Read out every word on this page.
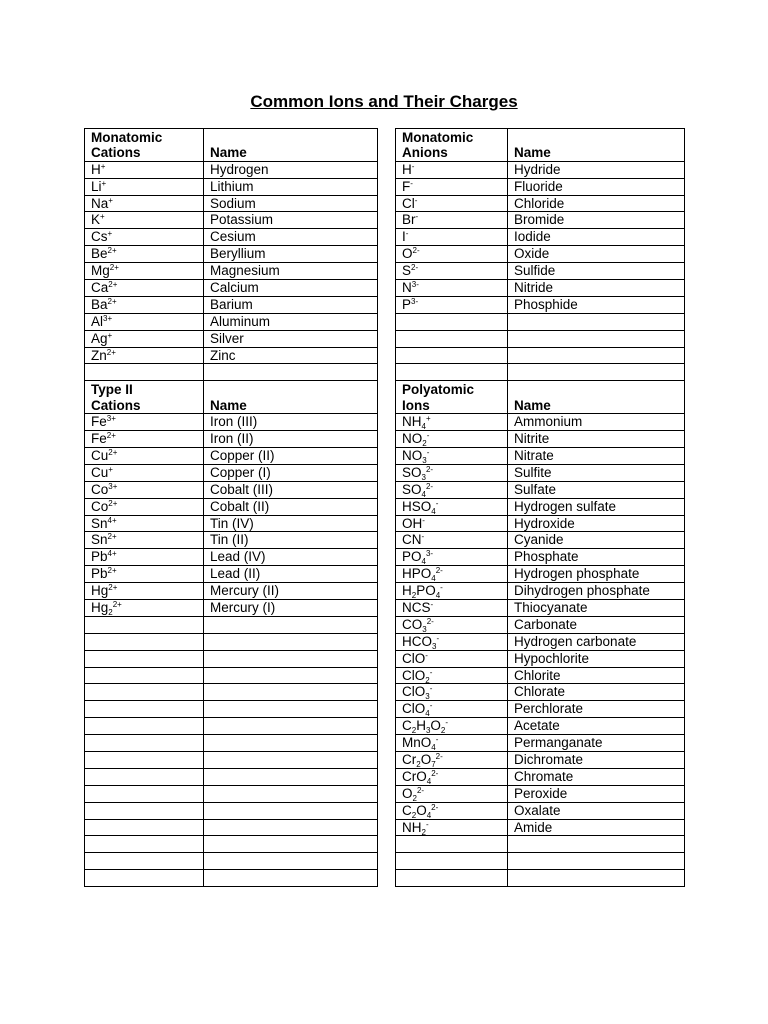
Common Ions and Their Charges
Monatomic
Cations	Name
H+	Hydrogen
Li+	Lithium
Na+	Sodium
K+	Potassium
Cs+	Cesium
$Be^{2+}$	Beryllium
$Mg^{2+}$	Magnesium
$Ca^{2+}$	Calcium
$Ba^{2+}$	Barium
$Al^{3+}$	Aluminum
Ag+	Silver
$Zn^{2+}$	Zinc

Type II
Cations	Name
$Fe^{3+}$	Iron (III)
$Fe^{2+}$	Iron (II)
$Cu^{2+}$	Copper (II)
Cu+	Copper (I)
$Co^{3+}$	Cobalt (III)
$Co^{2+}$	Cobalt (II)
$Sn^{4+}$	Tin (IV)
$Sn^{2+}$	Tin (II)
$Pb^{4+}$	Lead (IV)
$Pb^{2+}$	Lead (II)
$Hg^{2+}$	Mercury (II)
$Hg_2^{2+}$	Mercury (I)

Monatomic
Anions	Name
H-	Hydride
F-	Fluoride
Cl-	Chloride
Br-	Bromide
I-	Iodide
$O^{2-}$	Oxide
$S^{2-}$	Sulfide
$N^{3-}$	Nitride
$P^{3-}$	Phosphide

Polyatomic
Ions	Name
$NH_4^+$	Ammonium
$NO_2^-$	Nitrite
$NO_3^-$	Nitrate
$SO_3^{2-}$	Sulfite
$SO_4^{2-}$	Sulfate
$HSO_4^-$	Hydrogen sulfate
OH-	Hydroxide
CN-	Cyanide
$PO_4^{3-}$	Phosphate
$HPO_4^{2-}$	Hydrogen phosphate
$H_2PO_4^-$	Dihydrogen phosphate
NCS-	Thiocyanate
$CO_3^{2-}$	Carbonate
$HCO_3^-$	Hydrogen carbonate
ClO-	Hypochlorite
ClO$_2$-	Chlorite
ClO$_3$-	Chlorate
ClO$_4$-	Perchlorate
$C_2H_3O_2^-$	Acetate
MnO$_4$-	Permanganate
$Cr_2O_7^{2-}$	Dichromate
CrO$_4^{2-}$	Chromate
$O_2^{2-}$	Peroxide
$C_2O_4^{2-}$	Oxalate
$NH_2^-$	Amide
